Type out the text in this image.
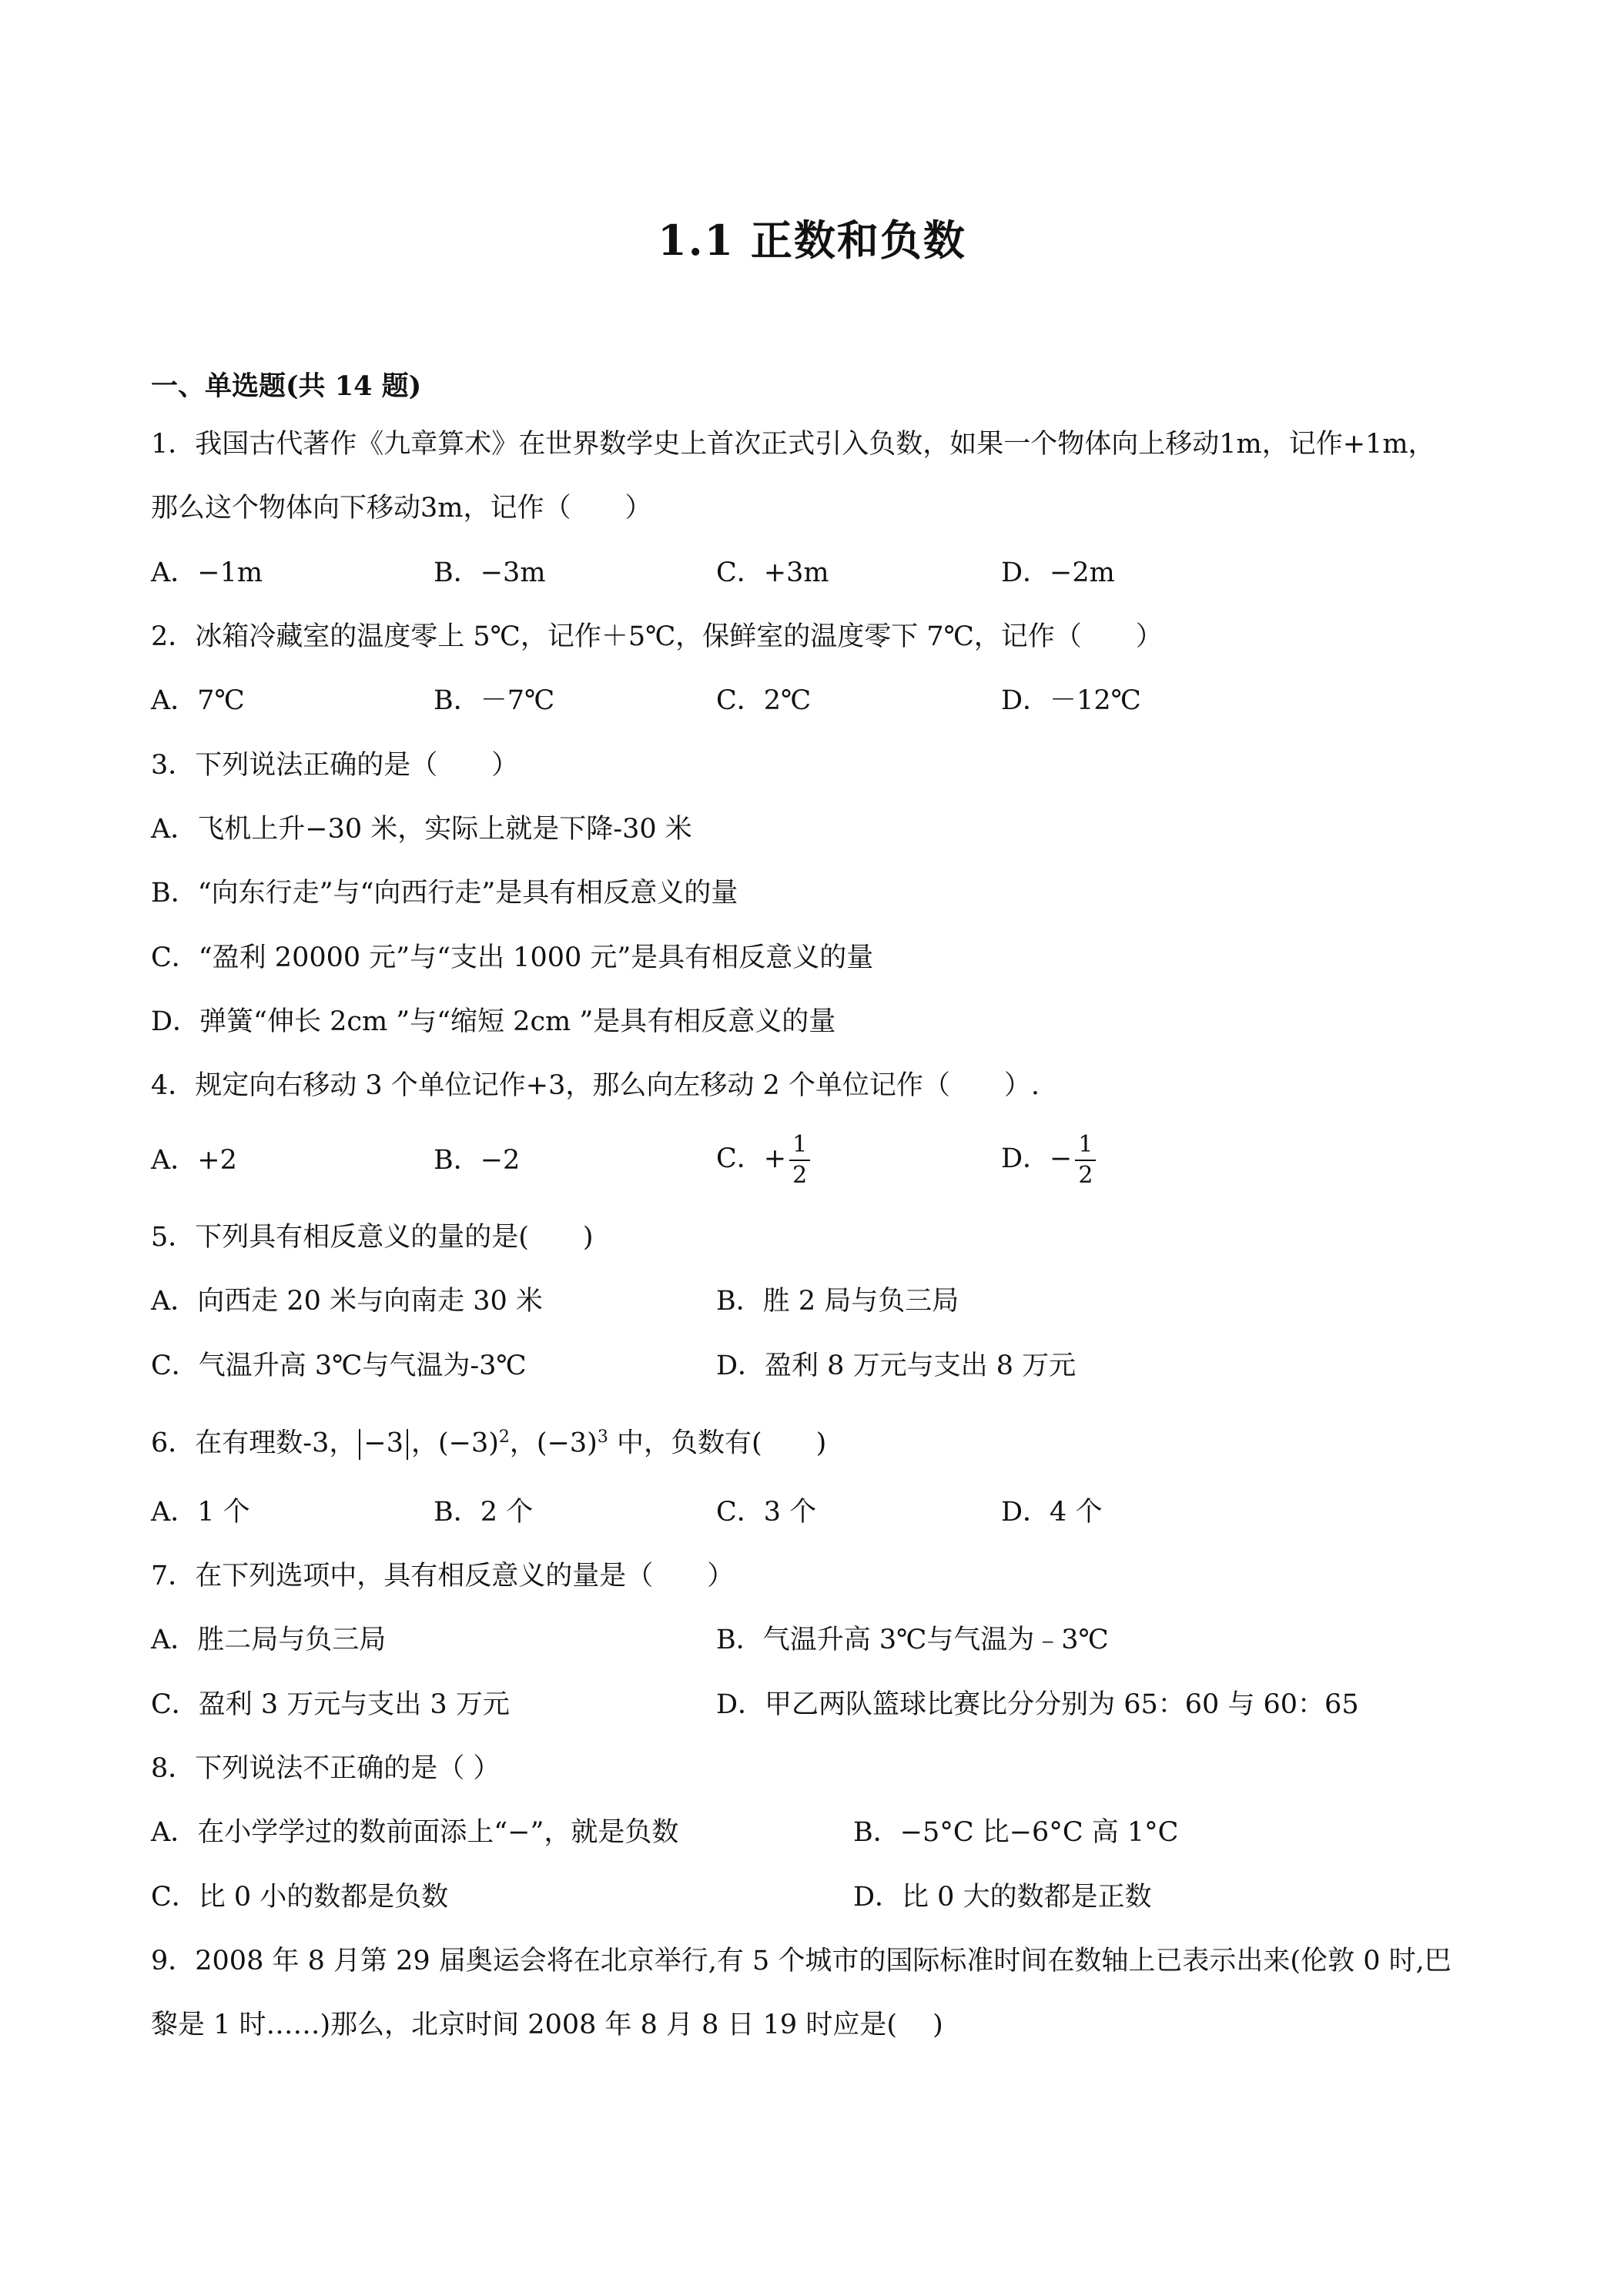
1.1 正数和负数
一、单选题(共 14 题)
1．我国古代著作《九章算术》在世界数学史上首次正式引入负数，如果一个物体向上移动1m，记作+1m，
那么这个物体向下移动3m，记作（　　）
A．−1m	B．−3m	C．+3m	D．−2m
2．冰箱冷藏室的温度零上 5℃，记作＋5℃，保鲜室的温度零下 7℃，记作（　　）
A．7℃	B．－7℃	C．2℃	D．－12℃
3．下列说法正确的是（　　）
A．飞机上升−30 米，实际上就是下降-30 米
B．“向东行走”与“向西行走”是具有相反意义的量
C．“盈利 20000 元”与“支出 1000 元”是具有相反意义的量
D．弹簧“伸长 2cm ”与“缩短 2cm ”是具有相反意义的量
4．规定向右移动 3 个单位记作+3，那么向左移动 2 个单位记作（　　）.
A．+2	B．−2	C．+ $\frac{1}{2}$	D．− $\frac{1}{2}$
5．下列具有相反意义的量的是(　　)
A．向西走 20 米与向南走 30 米	B．胜 2 局与负三局
C．气温升高 3℃与气温为-3℃	D．盈利 8 万元与支出 8 万元
6．在有理数-3， −3 ，$(-3)^2$，$(-3)^3$ 中，负数有(　　)
A．1 个	B．2 个	C．3 个	D．4 个
7．在下列选项中，具有相反意义的量是（　　）
A．胜二局与负三局	B．气温升高 3℃与气温为﹣3℃
C．盈利 3 万元与支出 3 万元	D．甲乙两队篮球比赛比分分别为 65：60 与 60：65
8．下列说法不正确的是（ ）
A．在小学学过的数前面添上“−”，就是负数	B．−5°C 比−6°C 高 1°C
C．比 0 小的数都是负数	D．比 0 大的数都是正数
9．2008 年 8 月第 29 届奥运会将在北京举行,有 5 个城市的国际标准时间在数轴上已表示出来(伦敦 0 时,巴
黎是 1 时……)那么，北京时间 2008 年 8 月 8 日 19 时应是(　 )
